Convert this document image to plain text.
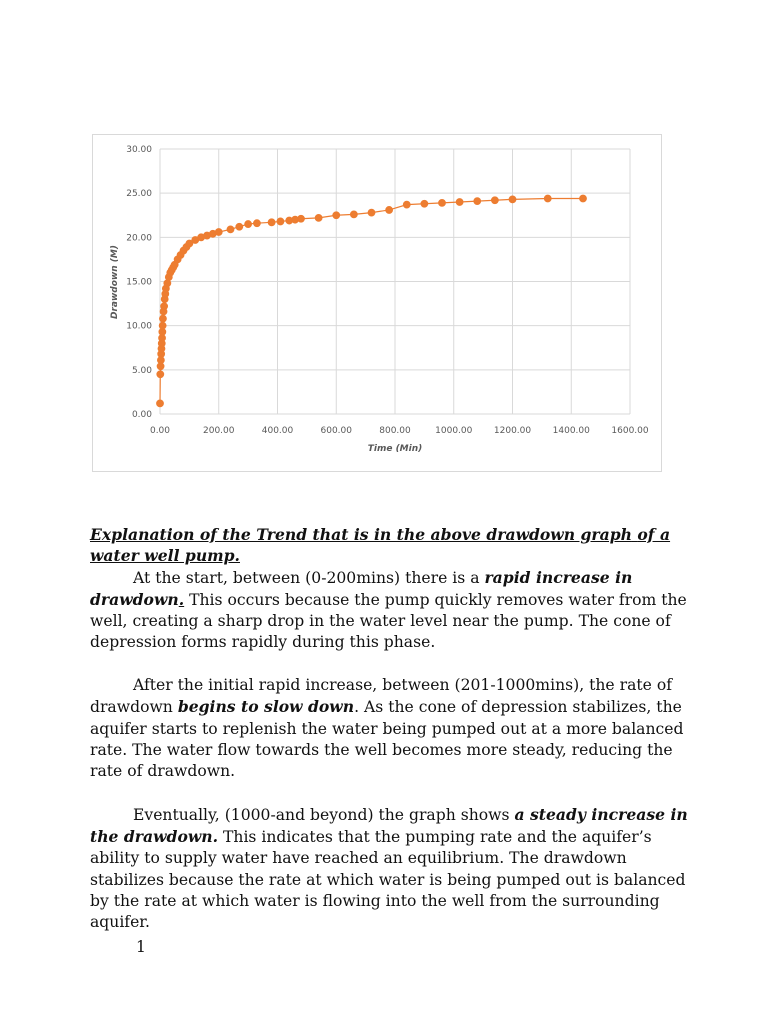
0.00
5.00
10.00
15.00
20.00
25.00
30.00
0.00	200.00	400.00	600.00	800.00	1000.00 1200.00 1400.00 1600.00
Time (Min)
Drawdown (M)
Explanation of the Trend that is in the above drawdown graph of a water well pump.

At the start, between (0-200mins) there is a rapid increase in drawdown. This occurs because the pump quickly removes water from the well, creating a sharp drop in the water level near the pump. The cone of depression forms rapidly during this phase.

After the initial rapid increase, between (201-1000mins), the rate of drawdown begins to slow down. As the cone of depression stabilizes, the aquifer starts to replenish the water being pumped out at a more balanced rate. The water flow towards the well becomes more steady, reducing the rate of drawdown.

Eventually, (1000-and beyond) the graph shows a steady increase in the drawdown. This indicates that the pumping rate and the aquifer’s ability to supply water have reached an equilibrium. The drawdown stabilizes because the rate at which water is being pumped out is balanced by the rate at which water is flowing into the well from the surrounding aquifer.

1
